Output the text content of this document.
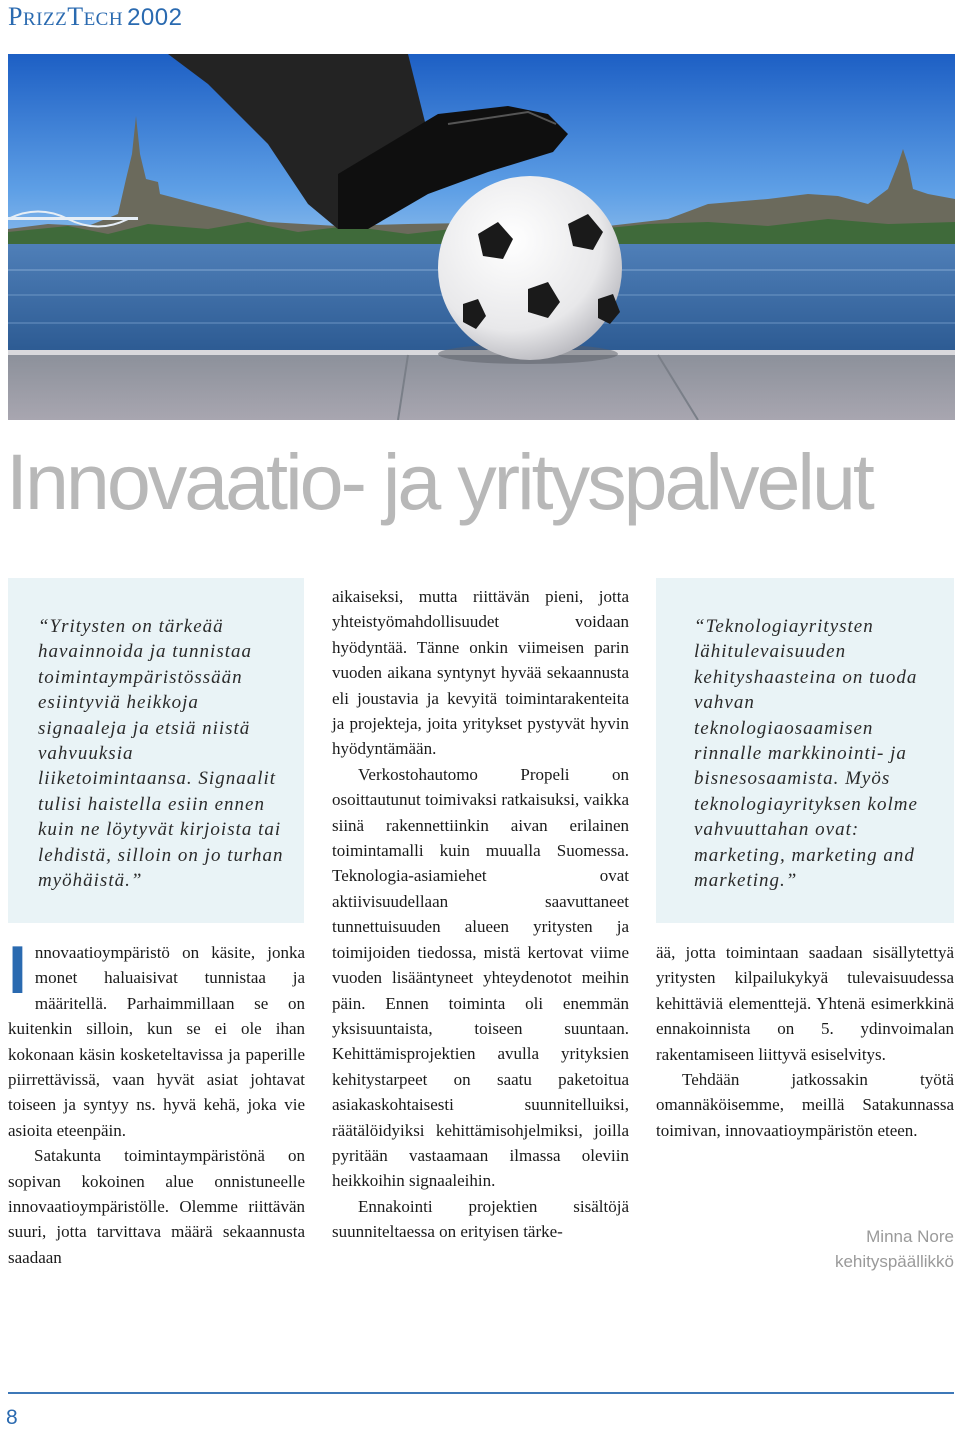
PRIZZTECH 2002
Innovaatio- ja yrityspalvelut
“Yritysten on tärkeää havainnoida ja tunnistaa toimintaympäristössään esiintyviä heikkoja signaaleja ja etsiä niistä vahvuuksia liiketoimintaansa. Signaalit tulisi haistella esiin ennen kuin ne löytyvät kirjoista tai lehdistä, silloin on jo turhan myöhäistä.”

Innovaatioympäristö on käsite, jonka monet haluaisivat tunnistaa ja määritellä. Parhaimmillaan se on kuitenkin silloin, kun se ei ole ihan kokonaan käsin kosketeltavissa ja paperille piirrettävissä, vaan hyvät asiat johtavat toiseen ja syntyy ns. hyvä kehä, joka vie asioita eteenpäin.

Satakunta toimintaympäristönä on sopivan kokoinen alue onnistuneelle innovaatioympäristölle. Olemme riittävän suuri, jotta tarvittava määrä sekaannusta saadaan

aikaiseksi, mutta riittävän pieni, jotta yhteistyömahdollisuudet voidaan hyödyntää. Tänne onkin viimeisen parin vuoden aikana syntynyt hyvää sekaannusta eli joustavia ja kevyitä toimintarakenteita ja projekteja, joita yritykset pystyvät hyvin hyödyntämään.

Verkostohautomo Propeli on osoittautunut toimivaksi ratkaisuksi, vaikka siinä rakennettiinkin aivan erilainen toimintamalli kuin muualla Suomessa. Teknologia-asiamiehet ovat aktiivisuudellaan saavuttaneet tunnettuisuuden alueen yritysten ja toimijoiden tiedossa, mistä kertovat viime vuoden lisääntyneet yhteydenotot meihin päin. Ennen toiminta oli enemmän yksisuuntaista, toiseen suuntaan. Kehittämisprojektien avulla yrityksien kehitystarpeet on saatu paketoitua asiakaskohtaisesti suunnitelluiksi, räätälöidyiksi kehittämisohjelmiksi, joilla pyritään vastaamaan ilmassa oleviin heikkoihin signaaleihin.

Ennakointi projektien sisältöjä suunniteltaessa on erityisen tärke-

“Teknologiayritysten lähitulevaisuuden kehityshaasteina on tuoda vahvan teknologiaosaamisen rinnalle markkinointi- ja bisnesosaamista. Myös teknologiayrityksen kolme vahvuuttahan ovat: marketing, marketing and marketing.”

ää, jotta toimintaan saadaan sisällytettyä yritysten kilpailukykyä tulevaisuudessa kehittäviä elementtejä. Yhtenä esimerkkinä ennakoinnista on 5. ydinvoimalan rakentamiseen liittyvä esiselvitys.

Tehdään jatkossakin työtä omannäköisemme, meillä Satakunnassa toimivan, innovaatioympäristön eteen.

Minna Nore
kehityspäällikkö
8
